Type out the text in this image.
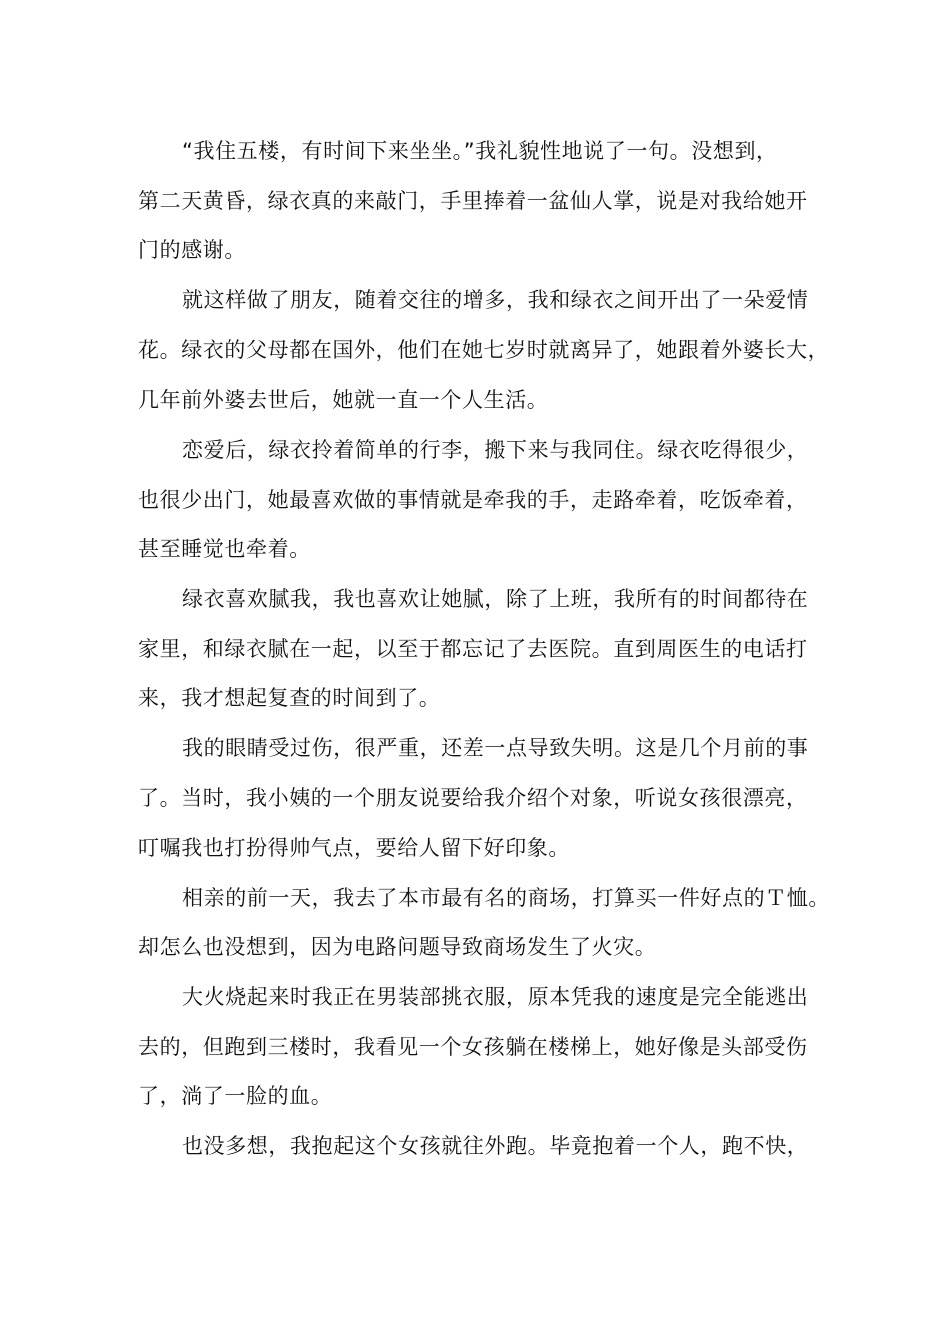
“我住五楼，有时间下来坐坐。”我礼貌性地说了一句。没想到，
第二天黄昏，绿衣真的来敲门，手里捧着一盆仙人掌，说是对我给她开
门的感谢。
就这样做了朋友，随着交往的增多，我和绿衣之间开出了一朵爱情
花。绿衣的父母都在国外，他们在她七岁时就离异了，她跟着外婆长大，
几年前外婆去世后，她就一直一个人生活。
恋爱后，绿衣拎着简单的行李，搬下来与我同住。绿衣吃得很少，
也很少出门，她最喜欢做的事情就是牵我的手，走路牵着，吃饭牵着，
甚至睡觉也牵着。
绿衣喜欢腻我，我也喜欢让她腻，除了上班，我所有的时间都待在
家里，和绿衣腻在一起，以至于都忘记了去医院。直到周医生的电话打
来，我才想起复查的时间到了。
我的眼睛受过伤，很严重，还差一点导致失明。这是几个月前的事
了。当时，我小姨的一个朋友说要给我介绍个对象，听说女孩很漂亮，
叮嘱我也打扮得帅气点，要给人留下好印象。
相亲的前一天，我去了本市最有名的商场，打算买一件好点的Ｔ恤。
却怎么也没想到，因为电路问题导致商场发生了火灾。
大火烧起来时我正在男装部挑衣服，原本凭我的速度是完全能逃出
去的，但跑到三楼时，我看见一个女孩躺在楼梯上，她好像是头部受伤
了，淌了一脸的血。
也没多想，我抱起这个女孩就往外跑。毕竟抱着一个人，跑不快，
